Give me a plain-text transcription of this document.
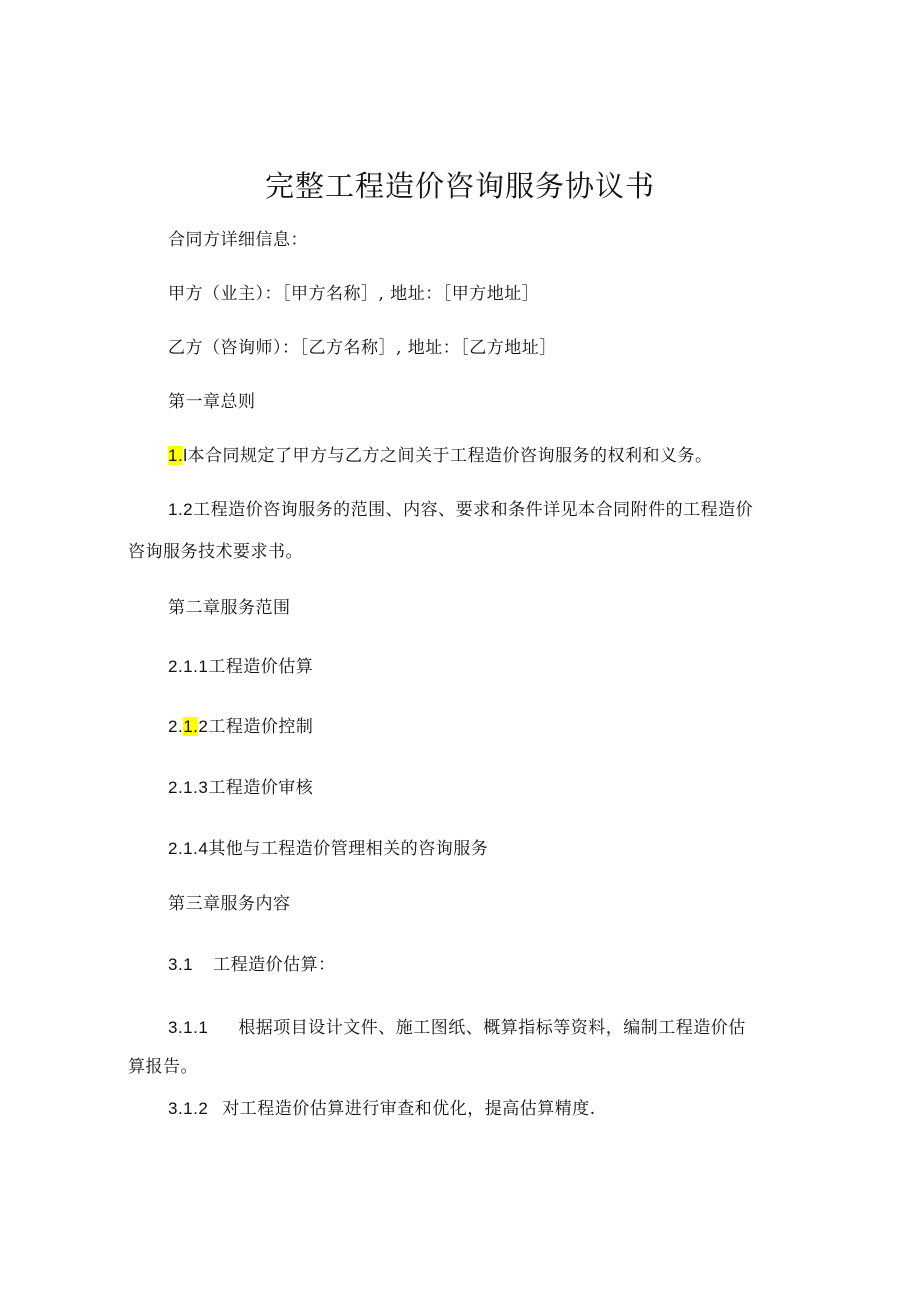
完整工程造价咨询服务协议书
合同方详细信息：
甲方（业主）：［甲方名称］, 地址：［甲方地址］
乙方（咨询师）：［乙方名称］, 地址：［乙方地址］
第一章总则
1.l本合同规定了甲方与乙方之间关于工程造价咨询服务的权利和义务。
1.2工程造价咨询服务的范围、内容、要求和条件详见本合同附件的工程造价
咨询服务技术要求书。
第二章服务范围
2.1.1工程造价估算
2.1.2工程造价控制
2.1.3工程造价审核
2.1.4其他与工程造价管理相关的咨询服务
第三章服务内容
3.1 工程造价估算：
3.1.1 根据项目设计文件、施工图纸、概算指标等资料，编制工程造价估
算报告。
3.1.2 对工程造价估算进行审查和优化，提高估算精度.
